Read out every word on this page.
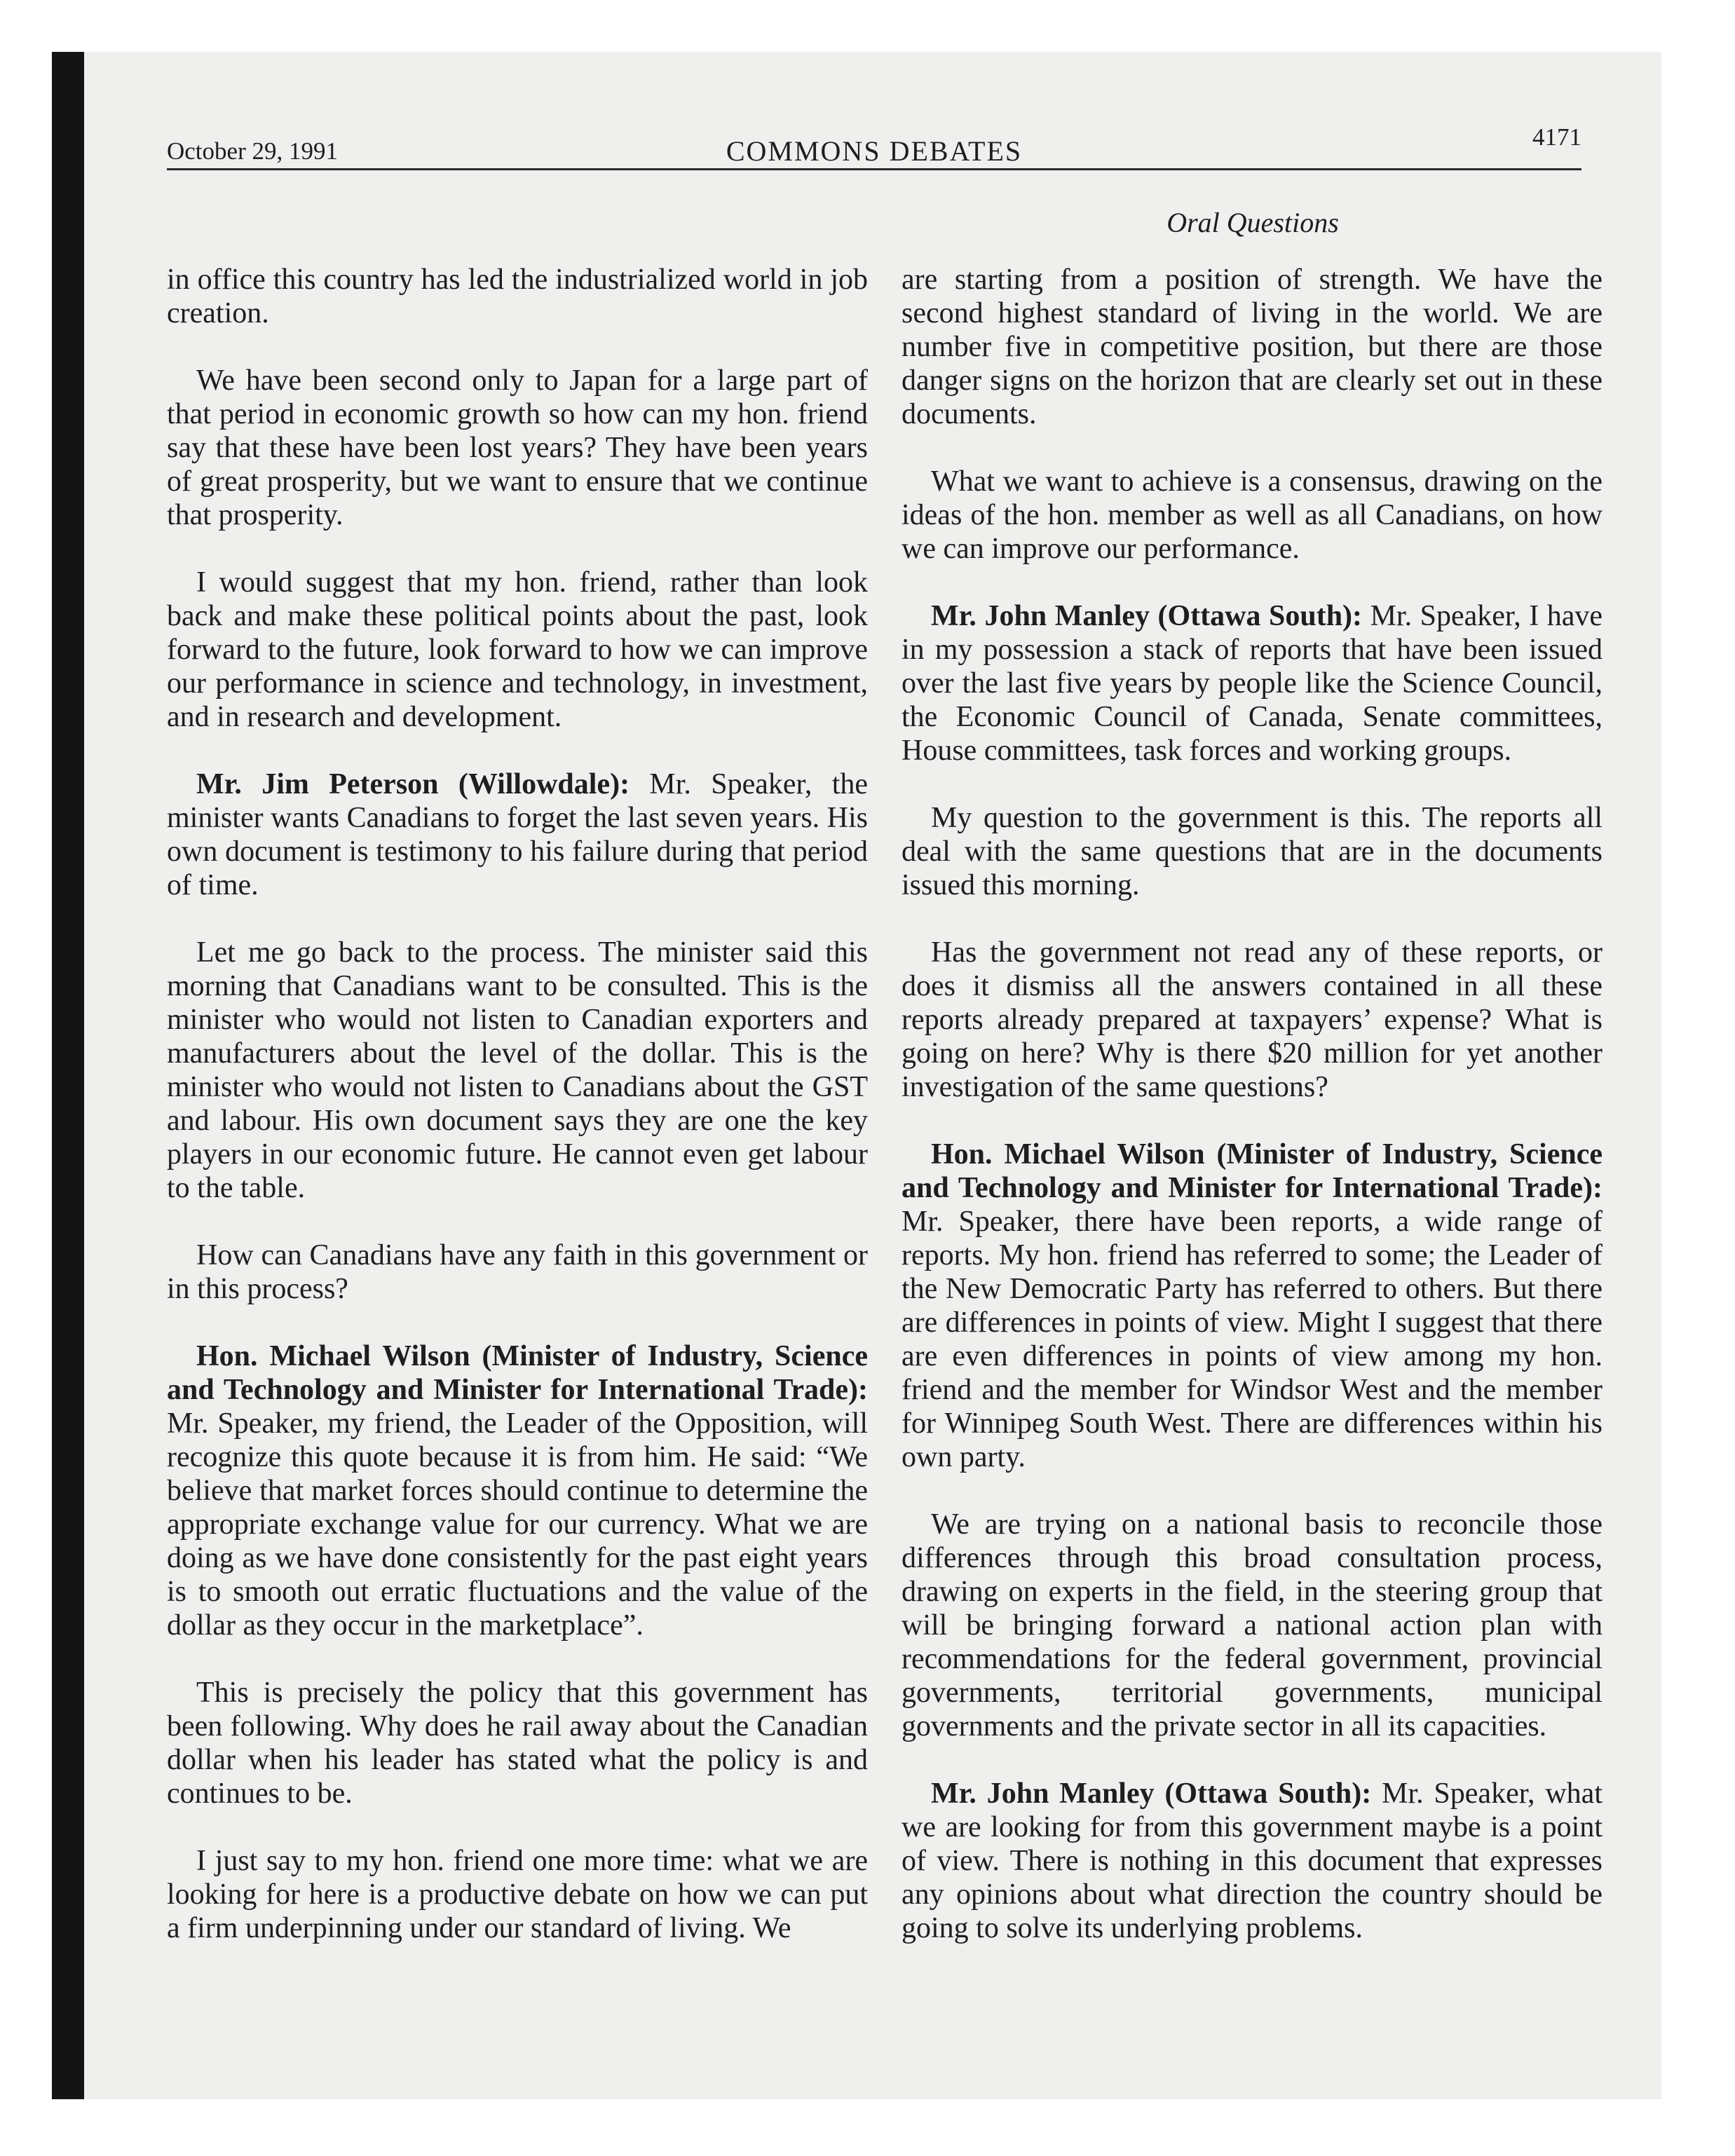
October 29, 1991	COMMONS DEBATES	4171
Oral Questions

in office this country has led the industrialized world in job creation.

We have been second only to Japan for a large part of that period in economic growth so how can my hon. friend say that these have been lost years? They have been years of great prosperity, but we want to ensure that we continue that prosperity.

I would suggest that my hon. friend, rather than look back and make these political points about the past, look forward to the future, look forward to how we can improve our performance in science and technology, in investment, and in research and development.

Mr. Jim Peterson (Willowdale): Mr. Speaker, the minister wants Canadians to forget the last seven years. His own document is testimony to his failure during that period of time.

Let me go back to the process. The minister said this morning that Canadians want to be consulted. This is the minister who would not listen to Canadian exporters and manufacturers about the level of the dollar. This is the minister who would not listen to Canadians about the GST and labour. His own document says they are one the key players in our economic future. He cannot even get labour to the table.

How can Canadians have any faith in this government or in this process?

Hon. Michael Wilson (Minister of Industry, Science and Technology and Minister for International Trade): Mr. Speaker, my friend, the Leader of the Opposition, will recognize this quote because it is from him. He said: “We believe that market forces should continue to determine the appropriate exchange value for our currency. What we are doing as we have done consistently for the past eight years is to smooth out erratic fluctuations and the value of the dollar as they occur in the marketplace”.

This is precisely the policy that this government has been following. Why does he rail away about the Canadian dollar when his leader has stated what the policy is and continues to be.

I just say to my hon. friend one more time: what we are looking for here is a productive debate on how we can put a firm underpinning under our standard of living. We

are starting from a position of strength. We have the second highest standard of living in the world. We are number five in competitive position, but there are those danger signs on the horizon that are clearly set out in these documents.

What we want to achieve is a consensus, drawing on the ideas of the hon. member as well as all Canadians, on how we can improve our performance.

Mr. John Manley (Ottawa South): Mr. Speaker, I have in my possession a stack of reports that have been issued over the last five years by people like the Science Council, the Economic Council of Canada, Senate committees, House committees, task forces and working groups.

My question to the government is this. The reports all deal with the same questions that are in the documents issued this morning.

Has the government not read any of these reports, or does it dismiss all the answers contained in all these reports already prepared at taxpayers’ expense? What is going on here? Why is there $20 million for yet another investigation of the same questions?

Hon. Michael Wilson (Minister of Industry, Science and Technology and Minister for International Trade): Mr. Speaker, there have been reports, a wide range of reports. My hon. friend has referred to some; the Leader of the New Democratic Party has referred to others. But there are differences in points of view. Might I suggest that there are even differences in points of view among my hon. friend and the member for Windsor West and the member for Winnipeg South West. There are differences within his own party.

We are trying on a national basis to reconcile those differences through this broad consultation process, drawing on experts in the field, in the steering group that will be bringing forward a national action plan with recommendations for the federal government, provincial governments, territorial governments, municipal governments and the private sector in all its capacities.

Mr. John Manley (Ottawa South): Mr. Speaker, what we are looking for from this government maybe is a point of view. There is nothing in this document that expresses any opinions about what direction the country should be going to solve its underlying problems.
